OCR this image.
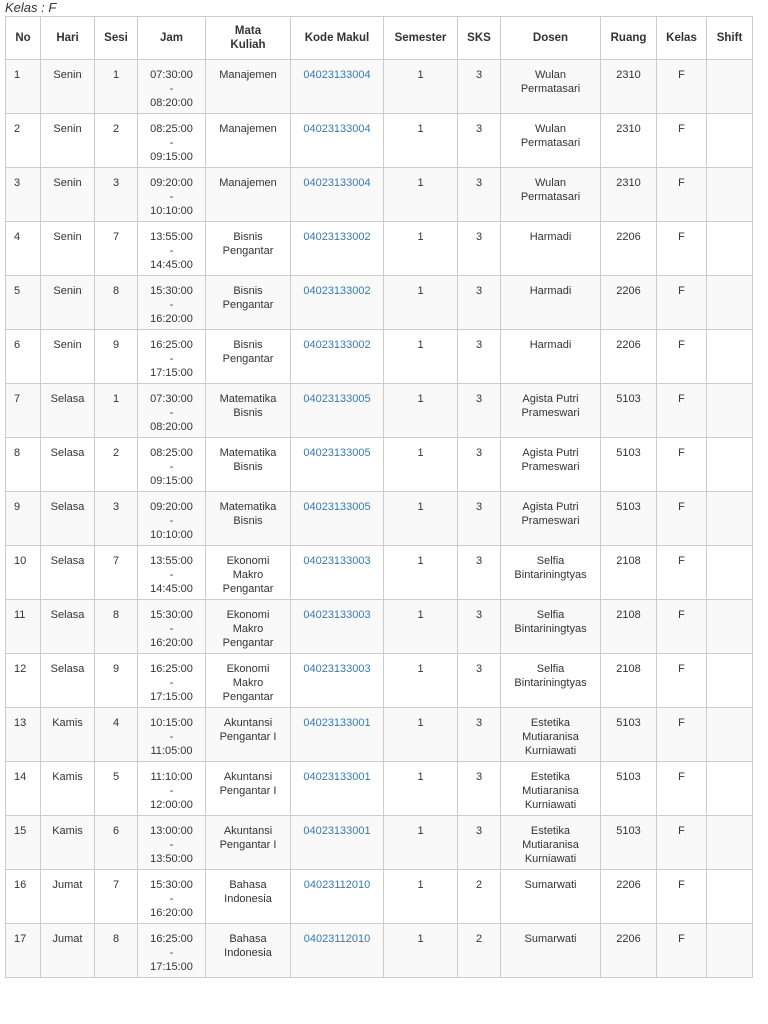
Kelas : F
No	Hari	Sesi	Jam	Mata Kuliah	Kode Makul	Semester	SKS	Dosen	Ruang	Kelas	Shift
1	Senin	1	07:30:00
-
08:20:00	Manajemen	04023133004	1	3	Wulan
Permatasari	2310	F	
2	Senin	2	08:25:00
-
09:15:00	Manajemen	04023133004	1	3	Wulan
Permatasari	2310	F	
3	Senin	3	09:20:00
-
10:10:00	Manajemen	04023133004	1	3	Wulan
Permatasari	2310	F	
4	Senin	7	13:55:00
-
14:45:00	Bisnis
Pengantar	04023133002	1	3	Harmadi	2206	F	
5	Senin	8	15:30:00
-
16:20:00	Bisnis
Pengantar	04023133002	1	3	Harmadi	2206	F	
6	Senin	9	16:25:00
-
17:15:00	Bisnis
Pengantar	04023133002	1	3	Harmadi	2206	F	
7	Selasa	1	07:30:00
-
08:20:00	Matematika
Bisnis	04023133005	1	3	Agista Putri
Prameswari	5103	F	
8	Selasa	2	08:25:00
-
09:15:00	Matematika
Bisnis	04023133005	1	3	Agista Putri
Prameswari	5103	F	
9	Selasa	3	09:20:00
-
10:10:00	Matematika
Bisnis	04023133005	1	3	Agista Putri
Prameswari	5103	F	
10	Selasa	7	13:55:00
-
14:45:00	Ekonomi
Makro
Pengantar	04023133003	1	3	Selfia
Bintariningtyas	2108	F	
11	Selasa	8	15:30:00
-
16:20:00	Ekonomi
Makro
Pengantar	04023133003	1	3	Selfia
Bintariningtyas	2108	F	
12	Selasa	9	16:25:00
-
17:15:00	Ekonomi
Makro
Pengantar	04023133003	1	3	Selfia
Bintariningtyas	2108	F	
13	Kamis	4	10:15:00
-
11:05:00	Akuntansi
Pengantar I	04023133001	1	3	Estetika
Mutiaranisa
Kurniawati	5103	F	
14	Kamis	5	11:10:00
-
12:00:00	Akuntansi
Pengantar I	04023133001	1	3	Estetika
Mutiaranisa
Kurniawati	5103	F	
15	Kamis	6	13:00:00
-
13:50:00	Akuntansi
Pengantar I	04023133001	1	3	Estetika
Mutiaranisa
Kurniawati	5103	F	
16	Jumat	7	15:30:00
-
16:20:00	Bahasa
Indonesia	04023112010	1	2	Sumarwati	2206	F	
17	Jumat	8	16:25:00
-
17:15:00	Bahasa
Indonesia	04023112010	1	2	Sumarwati	2206	F	
